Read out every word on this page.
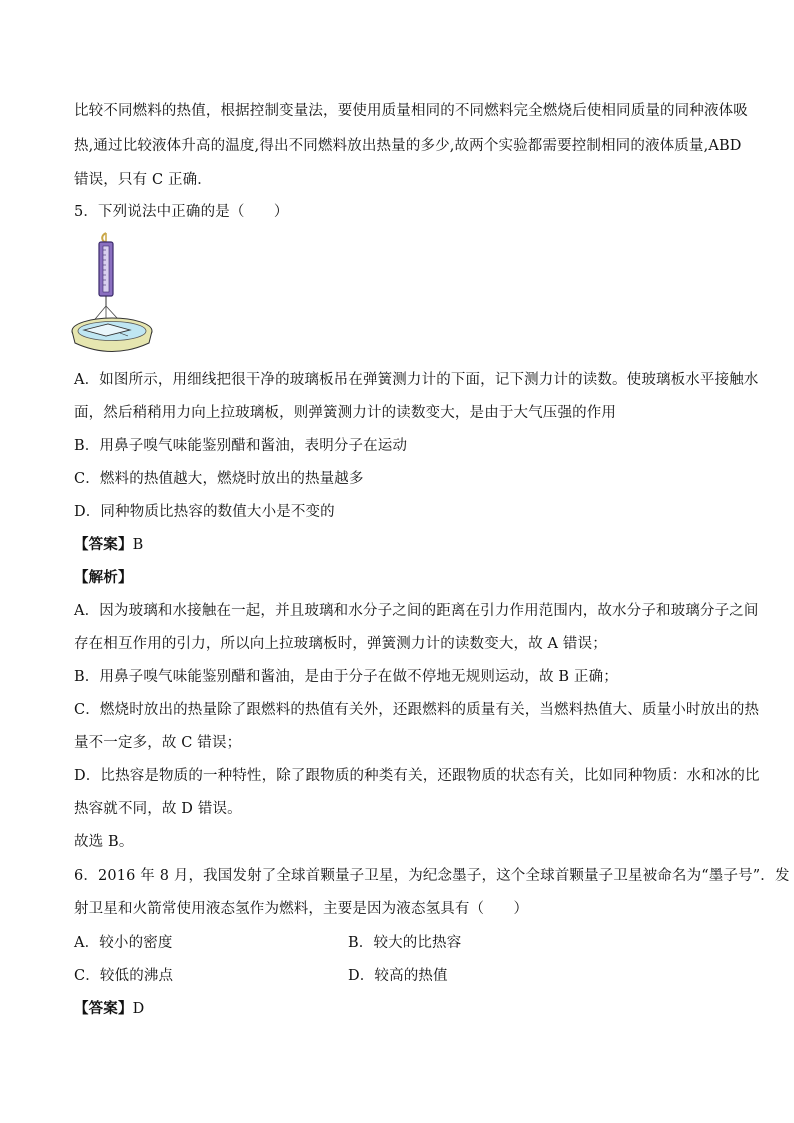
比较不同燃料的热值，根据控制变量法，要使用质量相同的不同燃料完全燃烧后使相同质量的同种液体吸
热,通过比较液体升高的温度,得出不同燃料放出热量的多少,故两个实验都需要控制相同的液体质量,ABD
错误，只有 C 正确．
5．下列说法中正确的是（　　）
A．如图所示，用细线把很干净的玻璃板吊在弹簧测力计的下面，记下测力计的读数。使玻璃板水平接触水
面，然后稍稍用力向上拉玻璃板，则弹簧测力计的读数变大，是由于大气压强的作用
B．用鼻子嗅气味能鉴别醋和酱油，表明分子在运动
C．燃料的热值越大，燃烧时放出的热量越多
D．同种物质比热容的数值大小是不变的
【答案】B
【解析】
A．因为玻璃和水接触在一起，并且玻璃和水分子之间的距离在引力作用范围内，故水分子和玻璃分子之间
存在相互作用的引力，所以向上拉玻璃板时，弹簧测力计的读数变大，故 A 错误；
B．用鼻子嗅气味能鉴别醋和酱油，是由于分子在做不停地无规则运动，故 B 正确；
C．燃烧时放出的热量除了跟燃料的热值有关外，还跟燃料的质量有关，当燃料热值大、质量小时放出的热
量不一定多，故 C 错误；
D．比热容是物质的一种特性，除了跟物质的种类有关，还跟物质的状态有关，比如同种物质：水和冰的比
热容就不同，故 D 错误。
故选 B。
6．2016 年 8 月，我国发射了全球首颗量子卫星，为纪念墨子，这个全球首颗量子卫星被命名为“墨子号”．发
射卫星和火箭常使用液态氢作为燃料，主要是因为液态氢具有（　　）
A．较小的密度	B．较大的比热容
C．较低的沸点	D．较高的热值
【答案】D
